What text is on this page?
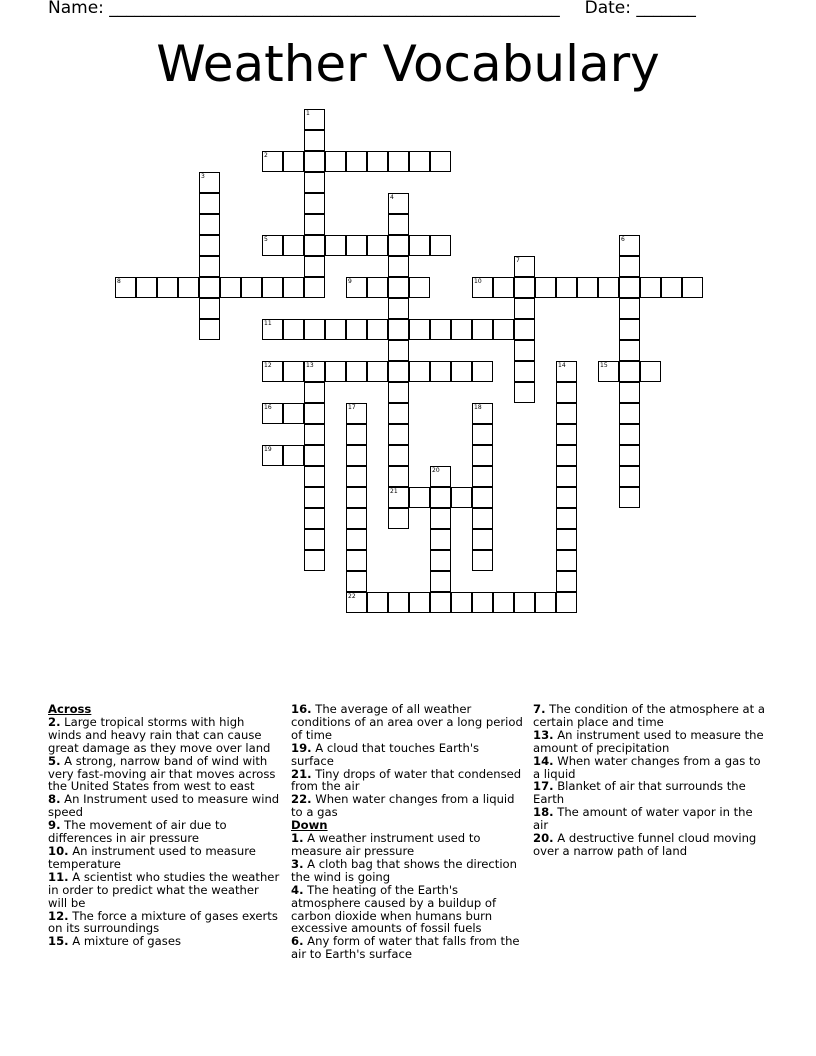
Name: _____________________________________________________ Date: _______
Weather Vocabulary
1
2
3
4
21
5	6
7
8	9	10
11
12	13	14	15
16	17
22
18
19
20
Across
2. Large tropical storms with high winds and heavy rain that can cause great damage as they move over land
5. A strong, narrow band of wind with very fast-moving air that moves across the United States from west to east
8. An Instrument used to measure wind speed
9. The movement of air due to differences in air pressure
10. An instrument used to measure temperature
11. A scientist who studies the weather in order to predict what the weather will be
12. The force a mixture of gases exerts on its surroundings
15. A mixture of gases
16. The average of all weather conditions of an area over a long period of time
19. A cloud that touches Earth's surface
21. Tiny drops of water that condensed from the air
22. When water changes from a liquid to a gas
Down
1. A weather instrument used to measure air pressure
3. A cloth bag that shows the direction the wind is going
4. The heating of the Earth's atmosphere caused by a buildup of carbon dioxide when humans burn excessive amounts of fossil fuels
6. Any form of water that falls from the air to Earth's surface
7. The condition of the atmosphere at a certain place and time
13. An instrument used to measure the amount of precipitation
14. When water changes from a gas to a liquid
17. Blanket of air that surrounds the Earth
18. The amount of water vapor in the air
20. A destructive funnel cloud moving over a narrow path of land
